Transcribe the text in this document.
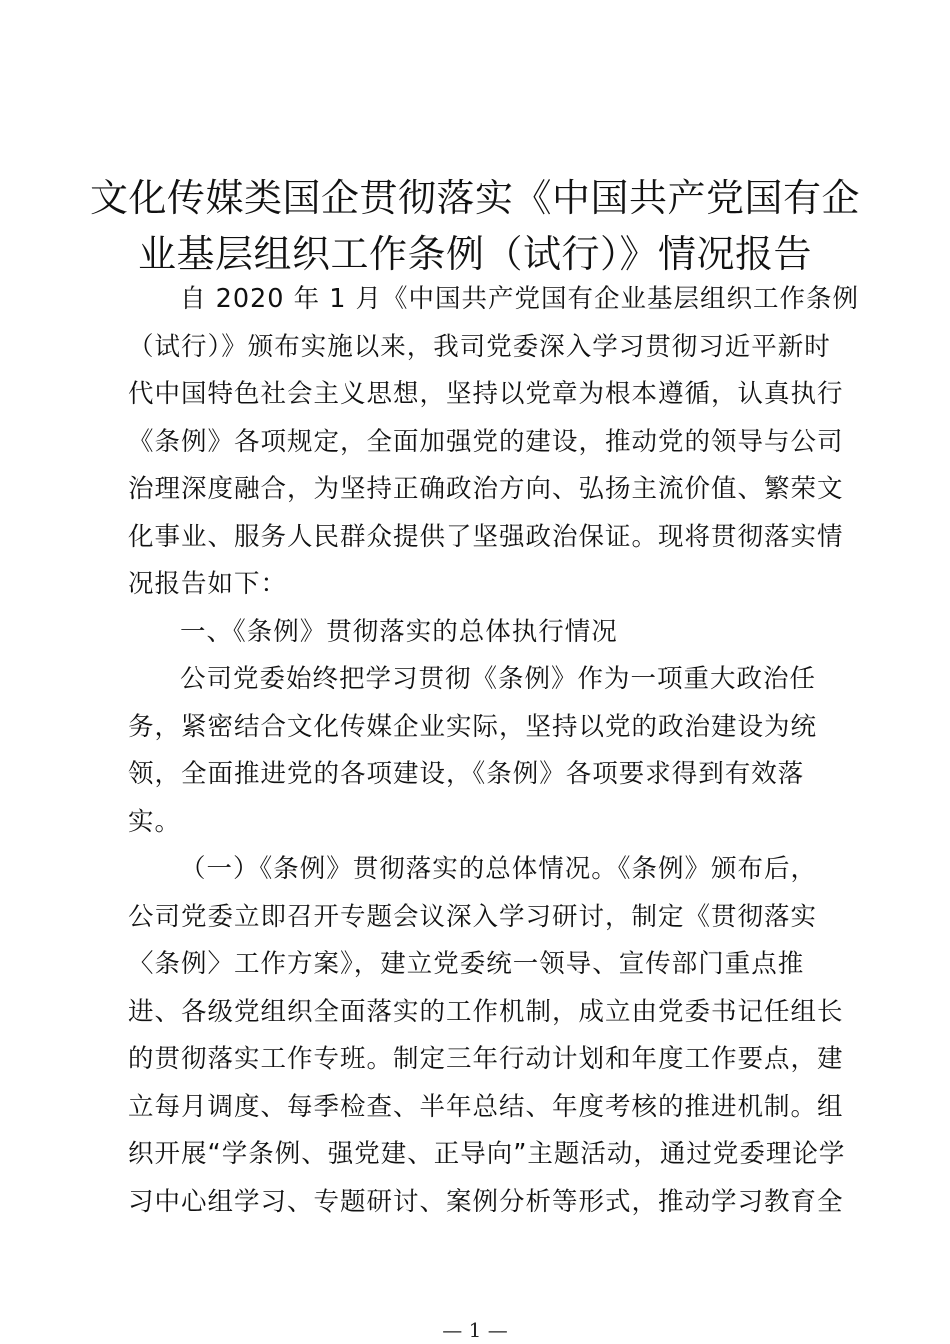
文化传媒类国企贯彻落实《中国共产党国有企
业基层组织工作条例（试行）》情况报告
自 2020 年 1 月《中国共产党国有企业基层组织工作条例
（试行）》颁布实施以来，我司党委深入学习贯彻习近平新时
代中国特色社会主义思想，坚持以党章为根本遵循，认真执行
《条例》各项规定，全面加强党的建设，推动党的领导与公司
治理深度融合，为坚持正确政治方向、弘扬主流价值、繁荣文
化事业、服务人民群众提供了坚强政治保证。现将贯彻落实情
况报告如下：
一、《条例》贯彻落实的总体执行情况
公司党委始终把学习贯彻《条例》作为一项重大政治任
务，紧密结合文化传媒企业实际，坚持以党的政治建设为统
领，全面推进党的各项建设，《条例》各项要求得到有效落
实。
（一）《条例》贯彻落实的总体情况。《条例》颁布后，
公司党委立即召开专题会议深入学习研讨，制定《贯彻落实
〈条例〉工作方案》，建立党委统一领导、宣传部门重点推
进、各级党组织全面落实的工作机制，成立由党委书记任组长
的贯彻落实工作专班。制定三年行动计划和年度工作要点，建
立每月调度、每季检查、半年总结、年度考核的推进机制。组
织开展“学条例、强党建、正导向”主题活动，通过党委理论学
习中心组学习、专题研讨、案例分析等形式，推动学习教育全
— 1 —
